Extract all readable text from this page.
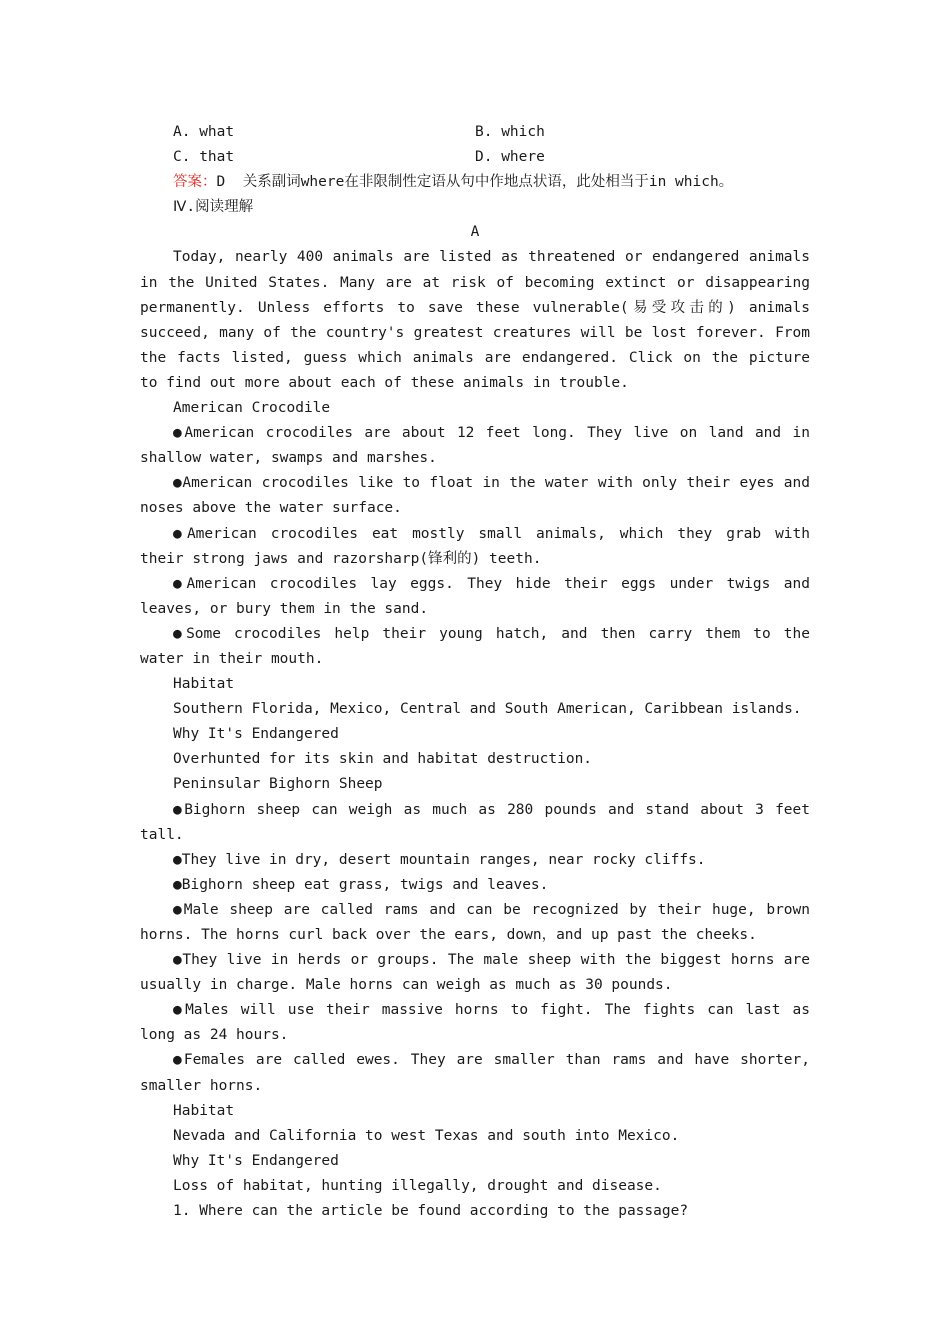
A. what	B. which
C. that	D. where
答案：D  关系副词where在非限制性定语从句中作地点状语，此处相当于in which。
Ⅳ.阅读理解
A

Today, nearly 400 animals are listed as threatened or endangered animals in the United States. Many are at risk of becoming extinct or disappearing permanently. Unless efforts to save these vulnerable(易受攻击的) animals succeed, many of the country's greatest creatures will be lost forever. From the facts listed, guess which animals are endangered. Click on the picture to find out more about each of these animals in trouble.

American Crocodile

●American crocodiles are about 12 feet long. They live on land and in shallow water, swamps and marshes.

●American crocodiles like to float in the water with only their eyes and noses above the water surface.

●American crocodiles eat mostly small animals, which they grab with their strong jaws and razorsharp(锋利的) teeth.

●American crocodiles lay eggs. They hide their eggs under twigs and leaves, or bury them in the sand.

●Some crocodiles help their young hatch, and then carry them to the water in their mouth.

Habitat
Southern Florida, Mexico, Central and South American, Caribbean islands.
Why It's Endangered
Overhunted for its skin and habitat destruction.
Peninsular Bighorn Sheep

●Bighorn sheep can weigh as much as 280 pounds and stand about 3 feet tall.

●They live in dry, desert mountain ranges, near rocky cliffs.

●Bighorn sheep eat grass, twigs and leaves.

●Male sheep are called rams and can be recognized by their huge, brown horns. The horns curl back over the ears, down，and up past the cheeks.

●They live in herds or groups. The male sheep with the biggest horns are usually in charge. Male horns can weigh as much as 30 pounds.

●Males will use their massive horns to fight. The fights can last as long as 24 hours.

●Females are called ewes. They are smaller than rams and have shorter, smaller horns.

Habitat
Nevada and California to west Texas and south into Mexico.
Why It's Endangered
Loss of habitat, hunting illegally, drought and disease.
1. Where can the article be found according to the passage?
